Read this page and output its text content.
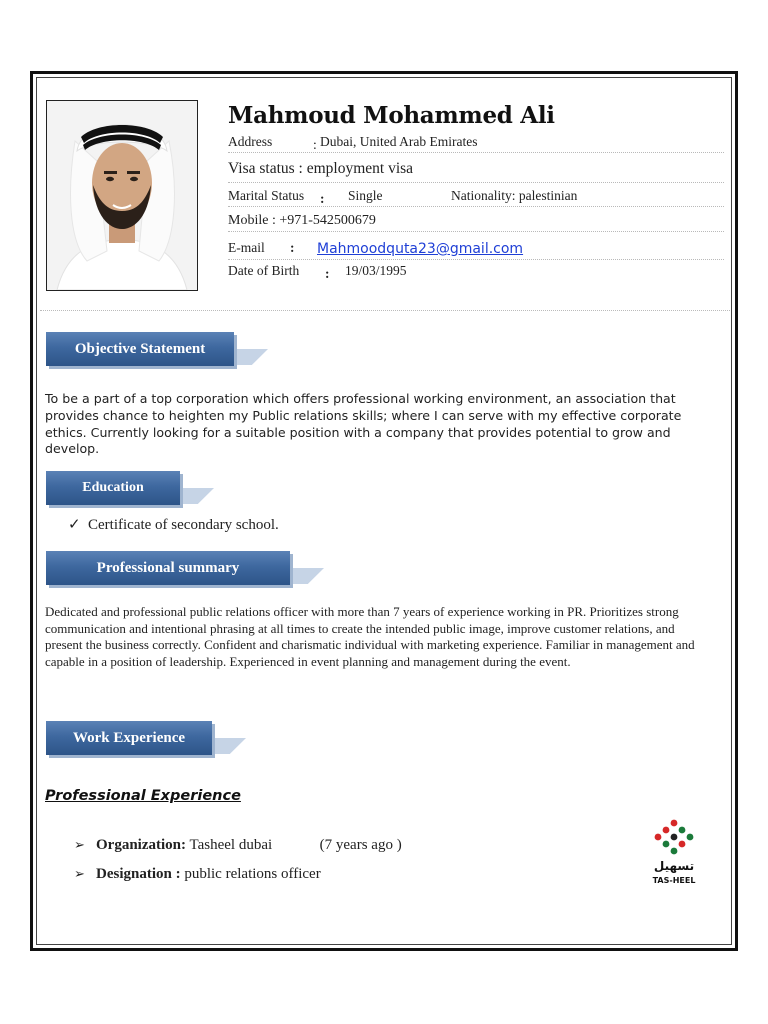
Mahmoud Mohammed Ali
Address	: Dubai, United Arab Emirates
Visa status : employment visa
Marital Status : Single	Nationality: palestinian
Mobile : +971-542500679
E-mail : Mahmoodquta23@gmail.com
Date of Birth : 19/03/1995
Objective Statement
To be a part of a top corporation which offers professional working environment, an association that provides chance to heighten my Public relations skills; where I can serve with my effective corporate ethics. Currently looking for a suitable position with a company that provides potential to grow and develop.
Education
✓ Certificate of secondary school.
Professional summary
Dedicated and professional public relations officer with more than 7 years of experience working in PR. Prioritizes strong communication and intentional phrasing at all times to create the intended public image, improve customer relations, and present the business correctly. Confident and charismatic individual with marketing experience. Familiar in management and capable in a position of leadership. Experienced in event planning and management during the event.
Work Experience
Professional Experience
➢ Organization: Tasheel dubai	(7 years ago )
➢ Designation : public relations officer	تسهيل
TAS-HEEL
